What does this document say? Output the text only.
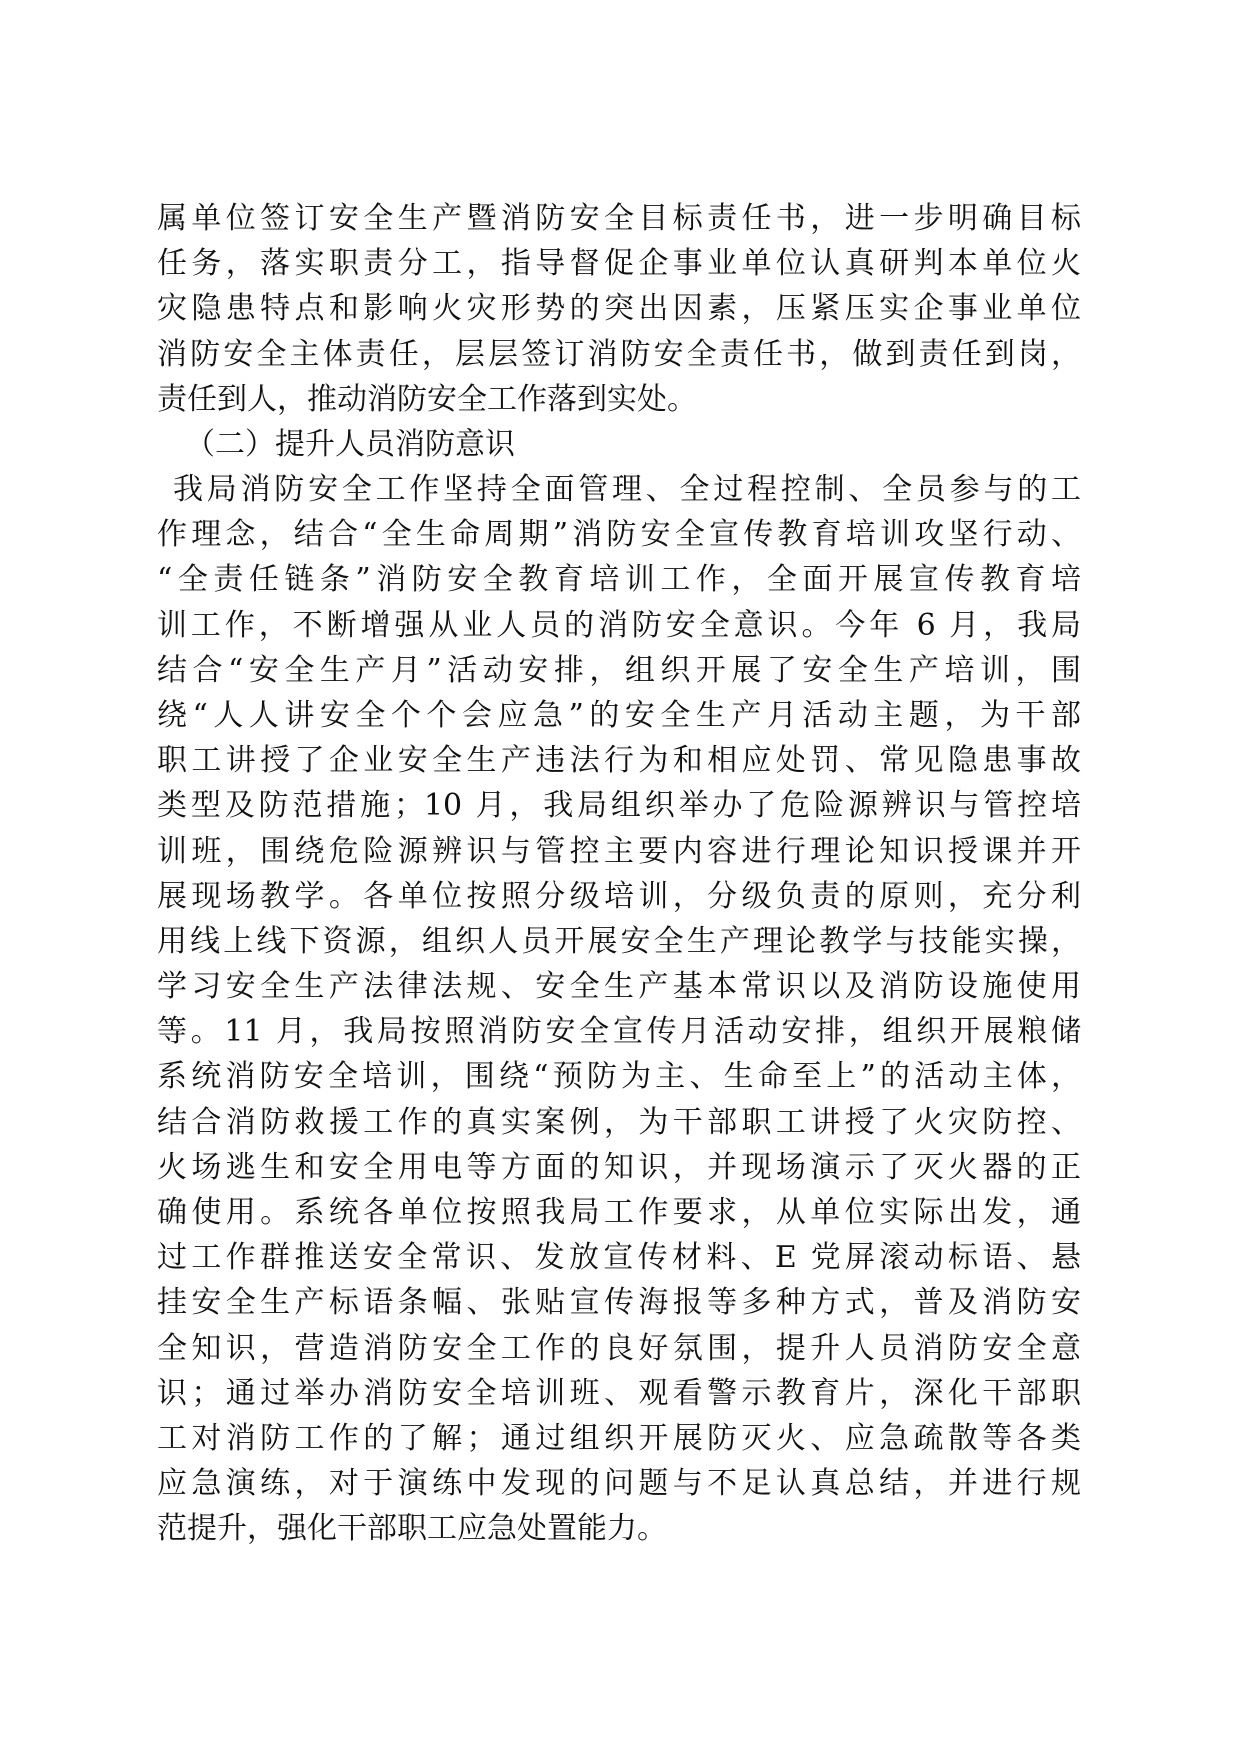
属单位签订安全生产暨消防安全目标责任书，进一步明确目标
任务，落实职责分工，指导督促企事业单位认真研判本单位火
灾隐患特点和影响火灾形势的突出因素，压紧压实企事业单位
消防安全主体责任，层层签订消防安全责任书，做到责任到岗，
责任到人，推动消防安全工作落到实处。
（二）提升人员消防意识
我局消防安全工作坚持全面管理、全过程控制、全员参与的工
作理念，结合“全生命周期”消防安全宣传教育培训攻坚行动、
“全责任链条”消防安全教育培训工作，全面开展宣传教育培
训工作，不断增强从业人员的消防安全意识。今年 6 月，我局
结合“安全生产月”活动安排，组织开展了安全生产培训，围
绕“人人讲安全个个会应急”的安全生产月活动主题，为干部
职工讲授了企业安全生产违法行为和相应处罚、常见隐患事故
类型及防范措施；10 月，我局组织举办了危险源辨识与管控培
训班，围绕危险源辨识与管控主要内容进行理论知识授课并开
展现场教学。各单位按照分级培训，分级负责的原则，充分利
用线上线下资源，组织人员开展安全生产理论教学与技能实操，
学习安全生产法律法规、安全生产基本常识以及消防设施使用
等。11 月，我局按照消防安全宣传月活动安排，组织开展粮储
系统消防安全培训，围绕“预防为主、生命至上”的活动主体，
结合消防救援工作的真实案例，为干部职工讲授了火灾防控、
火场逃生和安全用电等方面的知识，并现场演示了灭火器的正
确使用。系统各单位按照我局工作要求，从单位实际出发，通
过工作群推送安全常识、发放宣传材料、E 党屏滚动标语、悬
挂安全生产标语条幅、张贴宣传海报等多种方式，普及消防安
全知识，营造消防安全工作的良好氛围，提升人员消防安全意
识；通过举办消防安全培训班、观看警示教育片，深化干部职
工对消防工作的了解；通过组织开展防灭火、应急疏散等各类
应急演练，对于演练中发现的问题与不足认真总结，并进行规
范提升，强化干部职工应急处置能力。
